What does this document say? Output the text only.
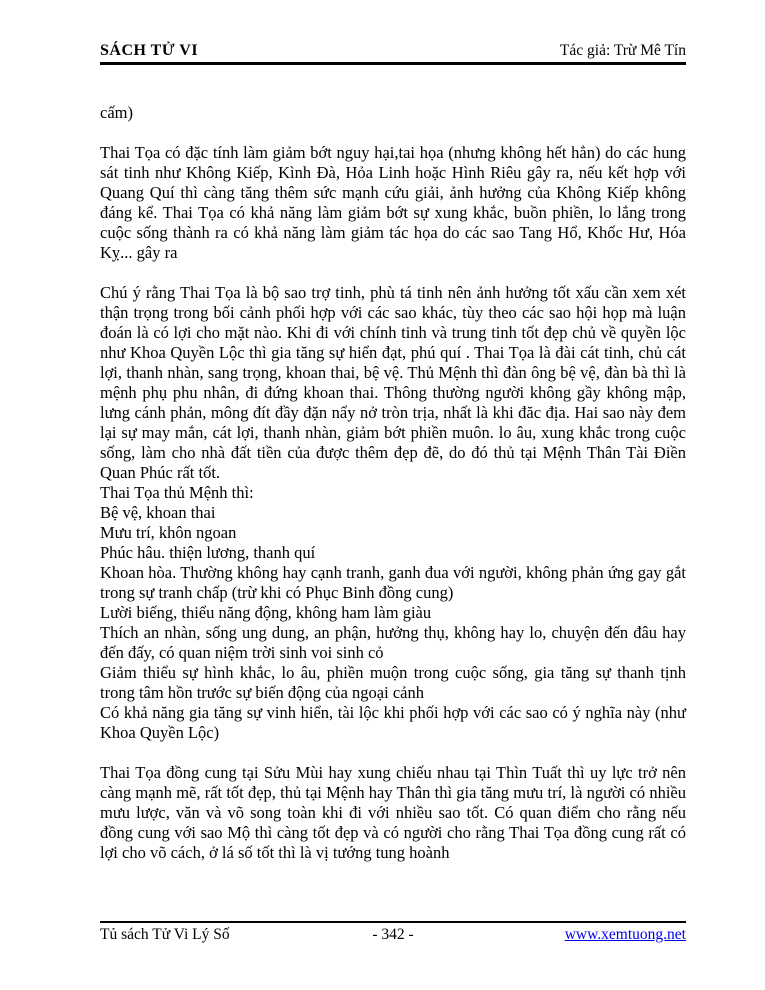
SÁCH TỬ VI	Tác giả: Trừ Mê Tín

cấm)

Thai Tọa có đặc tính làm giảm bớt nguy hại,tai họa (nhưng không hết hẳn) do các hung sát tinh như Không Kiếp, Kình Đà, Hỏa Linh hoặc Hình Riêu gây ra, nếu kết hợp với Quang Quí thì càng tăng thêm sức mạnh cứu giải, ảnh hưởng của Không Kiếp không đáng kể. Thai Tọa có khả năng làm giảm bớt sự xung khắc, buồn phiền, lo lắng trong cuộc sống thành ra có khả năng làm giảm tác họa do các sao Tang Hổ, Khốc Hư, Hóa Kỵ... gây ra

Chú ý rằng Thai Tọa là bộ sao trợ tinh, phù tá tinh nên ảnh hưởng tốt xấu cần xem xét thận trọng trong bối cảnh phối hợp với các sao khác, tùy theo các sao hội họp mà luận đoán là có lợi cho mặt nào. Khi đi với chính tinh và trung tinh tốt đẹp chủ về quyền lộc như Khoa Quyền Lộc thì gia tăng sự hiển đạt, phú quí . Thai Tọa là đài cát tinh, chủ cát lợi, thanh nhàn, sang trọng, khoan thai, bệ vệ. Thủ Mệnh thì đàn ông bệ vệ, đàn bà thì là mệnh phụ phu nhân, đi đứng khoan thai. Thông thường người không gầy không mập, lưng cánh phản, mông đít đầy đặn nẩy nở tròn trịa, nhất là khi đăc địa. Hai sao này đem lại sự may mắn, cát lợi, thanh nhàn, giảm bớt phiền muôn. lo âu, xung khắc trong cuộc sống, làm cho nhà đất tiền của được thêm đẹp đẽ, do đó thủ tại Mệnh Thân Tài Điền Quan Phúc rất tốt.

Thai Tọa thủ Mệnh thì:

Bệ vệ, khoan thai

Mưu trí, khôn ngoan

Phúc hâu. thiện lương, thanh quí

Khoan hòa. Thường không hay cạnh tranh, ganh đua với người, không phản ứng gay gắt trong sự tranh chấp (trừ khi có Phục Binh đồng cung)

Lười biếng, thiểu năng động, không ham làm giàu

Thích an nhàn, sống ung dung, an phận, hưởng thụ, không hay lo, chuyện đến đâu hay đến đấy, có quan niệm trời sinh voi sinh cỏ

Giảm thiểu sự hình khắc, lo âu, phiền muộn trong cuộc sống, gia tăng sự thanh tịnh trong tâm hồn trước sự biến động của ngoại cảnh

Có khả năng gia tăng sự vinh hiển, tài lộc khi phối hợp với các sao có ý nghĩa này (như Khoa Quyền Lộc)

Thai Tọa đồng cung tại Sửu Mùi hay xung chiếu nhau tại Thìn Tuất thì uy lực trở nên càng mạnh mẽ, rất tốt đẹp, thủ tại Mệnh hay Thân thì gia tăng mưu trí, là người có nhiều mưu lược, văn và võ song toàn khi đi với nhiều sao tốt. Có quan điểm cho rằng nếu đồng cung với sao Mộ thì càng tốt đẹp và có người cho rằng Thai Tọa đồng cung rất có lợi cho võ cách, ở lá số tốt thì là vị tướng tung hoành

Tủ sách Tử Vi Lý Số	- 342 -	www.xemtuong.net
